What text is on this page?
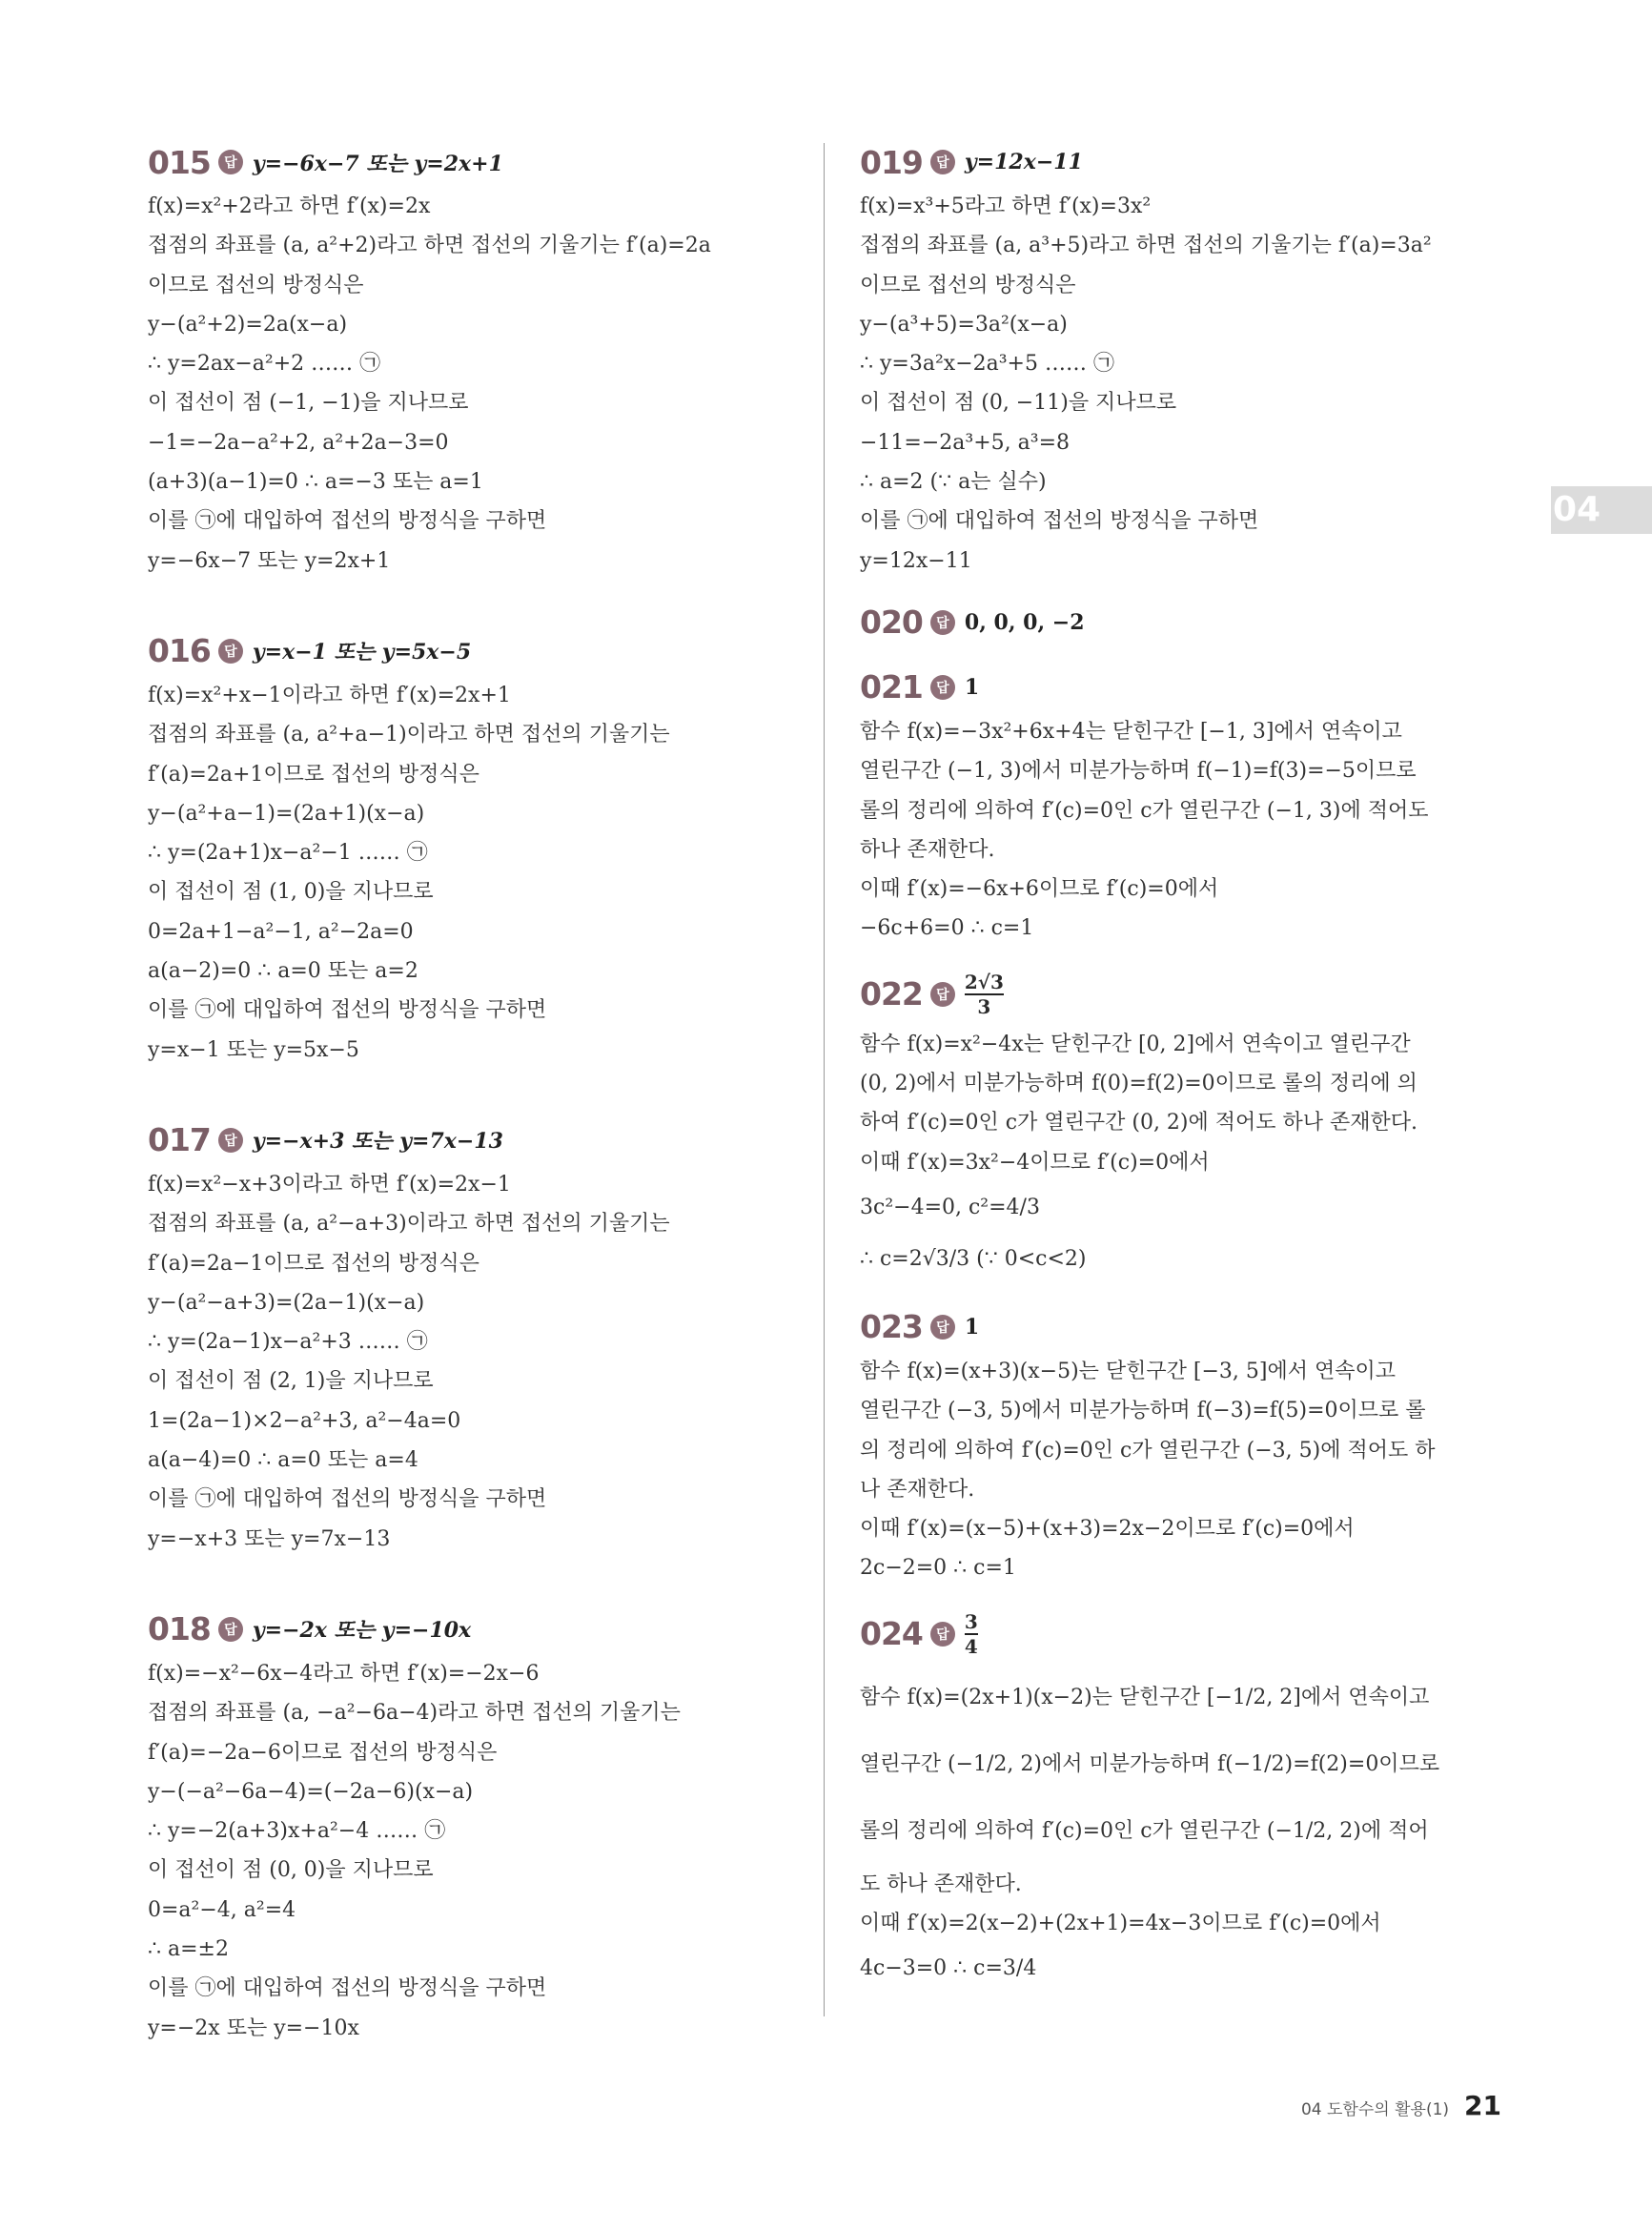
04
015	답 y=−6x−7 또는 y=2x+1
f(x)=x²+2라고 하면 f′(x)=2x
접점의 좌표를 (a, a²+2)라고 하면 접선의 기울기는 f′(a)=2a
이므로 접선의 방정식은
y−(a²+2)=2a(x−a)
∴ y=2ax−a²+2 …… ㉠
이 접선이 점 (−1, −1)을 지나므로
−1=−2a−a²+2, a²+2a−3=0
(a+3)(a−1)=0 ∴ a=−3 또는 a=1
이를 ㉠에 대입하여 접선의 방정식을 구하면
y=−6x−7 또는 y=2x+1
016	답 y=x−1 또는 y=5x−5
f(x)=x²+x−1이라고 하면 f′(x)=2x+1
접점의 좌표를 (a, a²+a−1)이라고 하면 접선의 기울기는
f′(a)=2a+1이므로 접선의 방정식은
y−(a²+a−1)=(2a+1)(x−a)
∴ y=(2a+1)x−a²−1 …… ㉠
이 접선이 점 (1, 0)을 지나므로
0=2a+1−a²−1, a²−2a=0
a(a−2)=0 ∴ a=0 또는 a=2
이를 ㉠에 대입하여 접선의 방정식을 구하면
y=x−1 또는 y=5x−5
017	답 y=−x+3 또는 y=7x−13
f(x)=x²−x+3이라고 하면 f′(x)=2x−1
접점의 좌표를 (a, a²−a+3)이라고 하면 접선의 기울기는
f′(a)=2a−1이므로 접선의 방정식은
y−(a²−a+3)=(2a−1)(x−a)
∴ y=(2a−1)x−a²+3 …… ㉠
이 접선이 점 (2, 1)을 지나므로
1=(2a−1)×2−a²+3, a²−4a=0
a(a−4)=0 ∴ a=0 또는 a=4
이를 ㉠에 대입하여 접선의 방정식을 구하면
y=−x+3 또는 y=7x−13
018	답 y=−2x 또는 y=−10x
f(x)=−x²−6x−4라고 하면 f′(x)=−2x−6
접점의 좌표를 (a, −a²−6a−4)라고 하면 접선의 기울기는
f′(a)=−2a−6이므로 접선의 방정식은
y−(−a²−6a−4)=(−2a−6)(x−a)
∴ y=−2(a+3)x+a²−4 …… ㉠
이 접선이 점 (0, 0)을 지나므로
0=a²−4, a²=4
∴ a=±2
이를 ㉠에 대입하여 접선의 방정식을 구하면
y=−2x 또는 y=−10x
019	답 y=12x−11
f(x)=x³+5라고 하면 f′(x)=3x²
접점의 좌표를 (a, a³+5)라고 하면 접선의 기울기는 f′(a)=3a²
이므로 접선의 방정식은
y−(a³+5)=3a²(x−a)
∴ y=3a²x−2a³+5 …… ㉠
이 접선이 점 (0, −11)을 지나므로
−11=−2a³+5, a³=8
∴ a=2 (∵ a는 실수)
이를 ㉠에 대입하여 접선의 방정식을 구하면
y=12x−11
020	답 0, 0, 0, −2
021	답 1
함수 f(x)=−3x²+6x+4는 닫힌구간 [−1, 3]에서 연속이고
열린구간 (−1, 3)에서 미분가능하며 f(−1)=f(3)=−5이므로
롤의 정리에 의하여 f′(c)=0인 c가 열린구간 (−1, 3)에 적어도
하나 존재한다.
이때 f′(x)=−6x+6이므로 f′(c)=0에서
−6c+6=0 ∴ c=1
022	답 $\frac{2√3}{3}$
함수 f(x)=x²−4x는 닫힌구간 [0, 2]에서 연속이고 열린구간
(0, 2)에서 미분가능하며 f(0)=f(2)=0이므로 롤의 정리에 의
하여 f′(c)=0인 c가 열린구간 (0, 2)에 적어도 하나 존재한다.
이때 f′(x)=3x²−4이므로 f′(c)=0에서
3c²−4=0, c²=4/3
∴ c=2√3/3 (∵ 0<c<2)
023	답 1
함수 f(x)=(x+3)(x−5)는 닫힌구간 [−3, 5]에서 연속이고
열린구간 (−3, 5)에서 미분가능하며 f(−3)=f(5)=0이므로 롤
의 정리에 의하여 f′(c)=0인 c가 열린구간 (−3, 5)에 적어도 하
나 존재한다.
이때 f′(x)=(x−5)+(x+3)=2x−2이므로 f′(c)=0에서
2c−2=0 ∴ c=1
024	답 $\frac{3}{4}$
함수 f(x)=(2x+1)(x−2)는 닫힌구간 [−1/2, 2]에서 연속이고
열린구간 (−1/2, 2)에서 미분가능하며 f(−1/2)=f(2)=0이므로
롤의 정리에 의하여 f′(c)=0인 c가 열린구간 (−1/2, 2)에 적어
도 하나 존재한다.
이때 f′(x)=2(x−2)+(2x+1)=4x−3이므로 f′(c)=0에서
4c−3=0 ∴ c=3/4
04 도함수의 활용(1) 21
